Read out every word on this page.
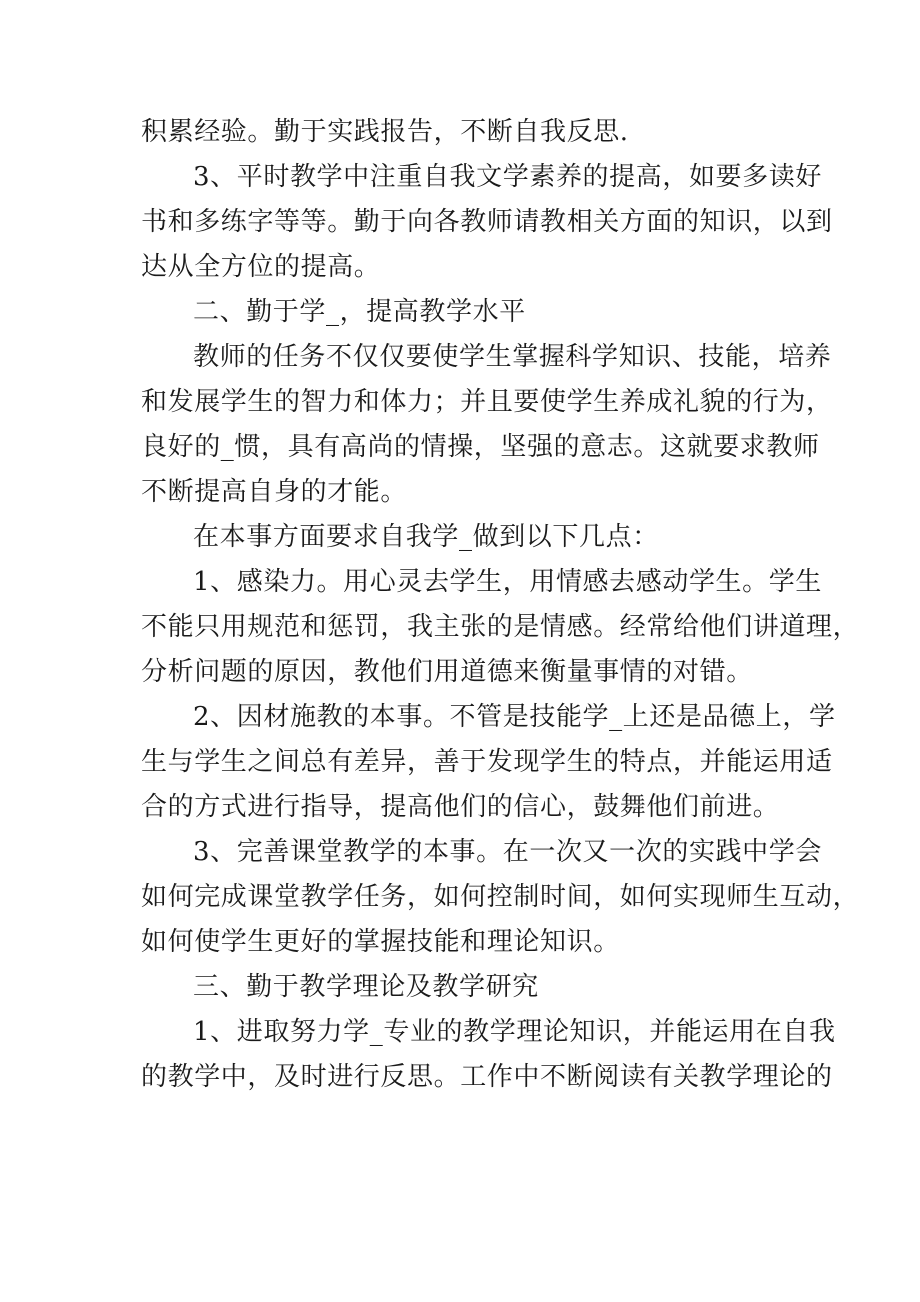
积累经验。勤于实践报告，不断自我反思.
3、平时教学中注重自我文学素养的提高，如要多读好
书和多练字等等。勤于向各教师请教相关方面的知识，以到
达从全方位的提高。
二、勤于学_，提高教学水平
教师的任务不仅仅要使学生掌握科学知识、技能，培养
和发展学生的智力和体力；并且要使学生养成礼貌的行为，
良好的_惯，具有高尚的情操，坚强的意志。这就要求教师
不断提高自身的才能。
在本事方面要求自我学_做到以下几点：
1、感染力。用心灵去学生，用情感去感动学生。学生
不能只用规范和惩罚，我主张的是情感。经常给他们讲道理，
分析问题的原因，教他们用道德来衡量事情的对错。
2、因材施教的本事。不管是技能学_上还是品德上，学
生与学生之间总有差异，善于发现学生的特点，并能运用适
合的方式进行指导，提高他们的信心，鼓舞他们前进。
3、完善课堂教学的本事。在一次又一次的实践中学会
如何完成课堂教学任务，如何控制时间，如何实现师生互动，
如何使学生更好的掌握技能和理论知识。
三、勤于教学理论及教学研究
1、进取努力学_专业的教学理论知识，并能运用在自我
的教学中，及时进行反思。工作中不断阅读有关教学理论的
